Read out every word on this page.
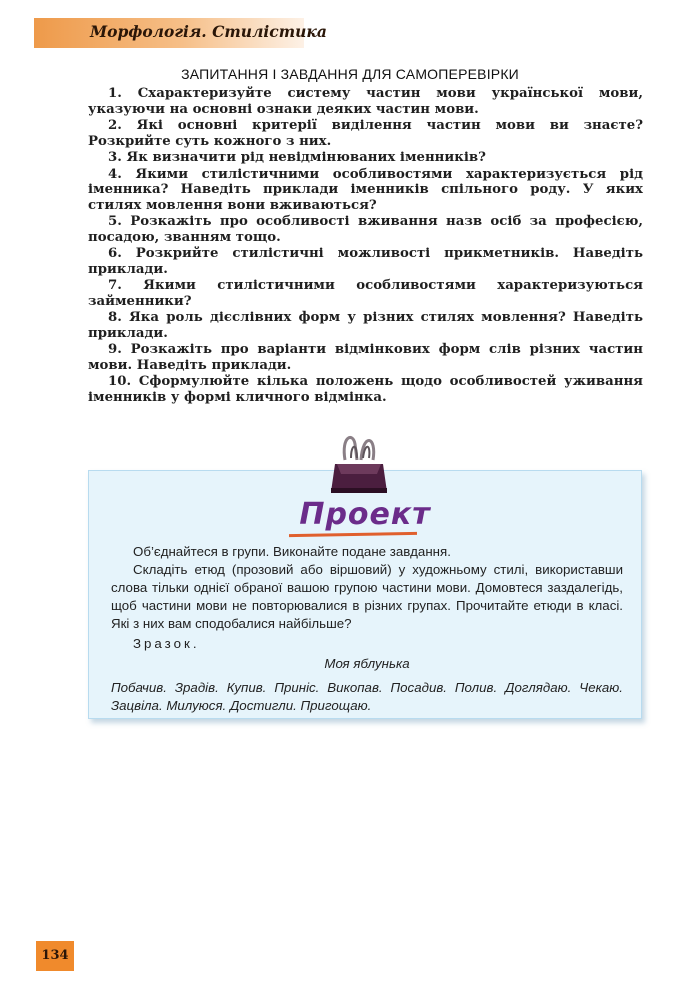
Морфологія. Стилістика
ЗАПИТАННЯ І ЗАВДАННЯ ДЛЯ САМОПЕРЕВІРКИ

1. Схарактеризуйте систему частин мови української мови, указуючи на основні ознаки деяких частин мови.

2. Які основні критерії виділення частин мови ви знаєте? Розкрийте суть кожного з них.

3. Як визначити рід невідмінюваних іменників?

4. Якими стилістичними особливостями характеризується рід іменника? Наведіть приклади іменників спільного роду. У яких стилях мовлення вони вживаються?

5. Розкажіть про особливості вживання назв осіб за професією, посадою, званням тощо.

6. Розкрийте стилістичні можливості прикметників. Наведіть приклади.

7. Якими стилістичними особливостями характеризуються займенники?

8. Яка роль дієслівних форм у різних стилях мовлення? Наведіть приклади.

9. Розкажіть про варіанти відмінкових форм слів різних частин мови. Наведіть приклади.

10. Сформулюйте кілька положень щодо особливостей уживання іменників у формі кличного відмінка.

Проект

Об’єднайтеся в групи. Виконайте подане завдання.

Складіть етюд (прозовий або віршовий) у художньому стилі, використавши слова тільки однієї обраної вашою групою частини мови. Домовтеся заздалегідь, щоб частини мови не повторювалися в різних групах. Прочитайте етюди в класі. Які з них вам сподобалися найбільше?

Зразок.

Моя яблунька

Побачив. Зрадів. Купив. Приніс. Викопав. Посадив. Полив. Доглядаю. Чекаю. Зацвіла. Милуюся. Достигли. Пригощаю.

134
